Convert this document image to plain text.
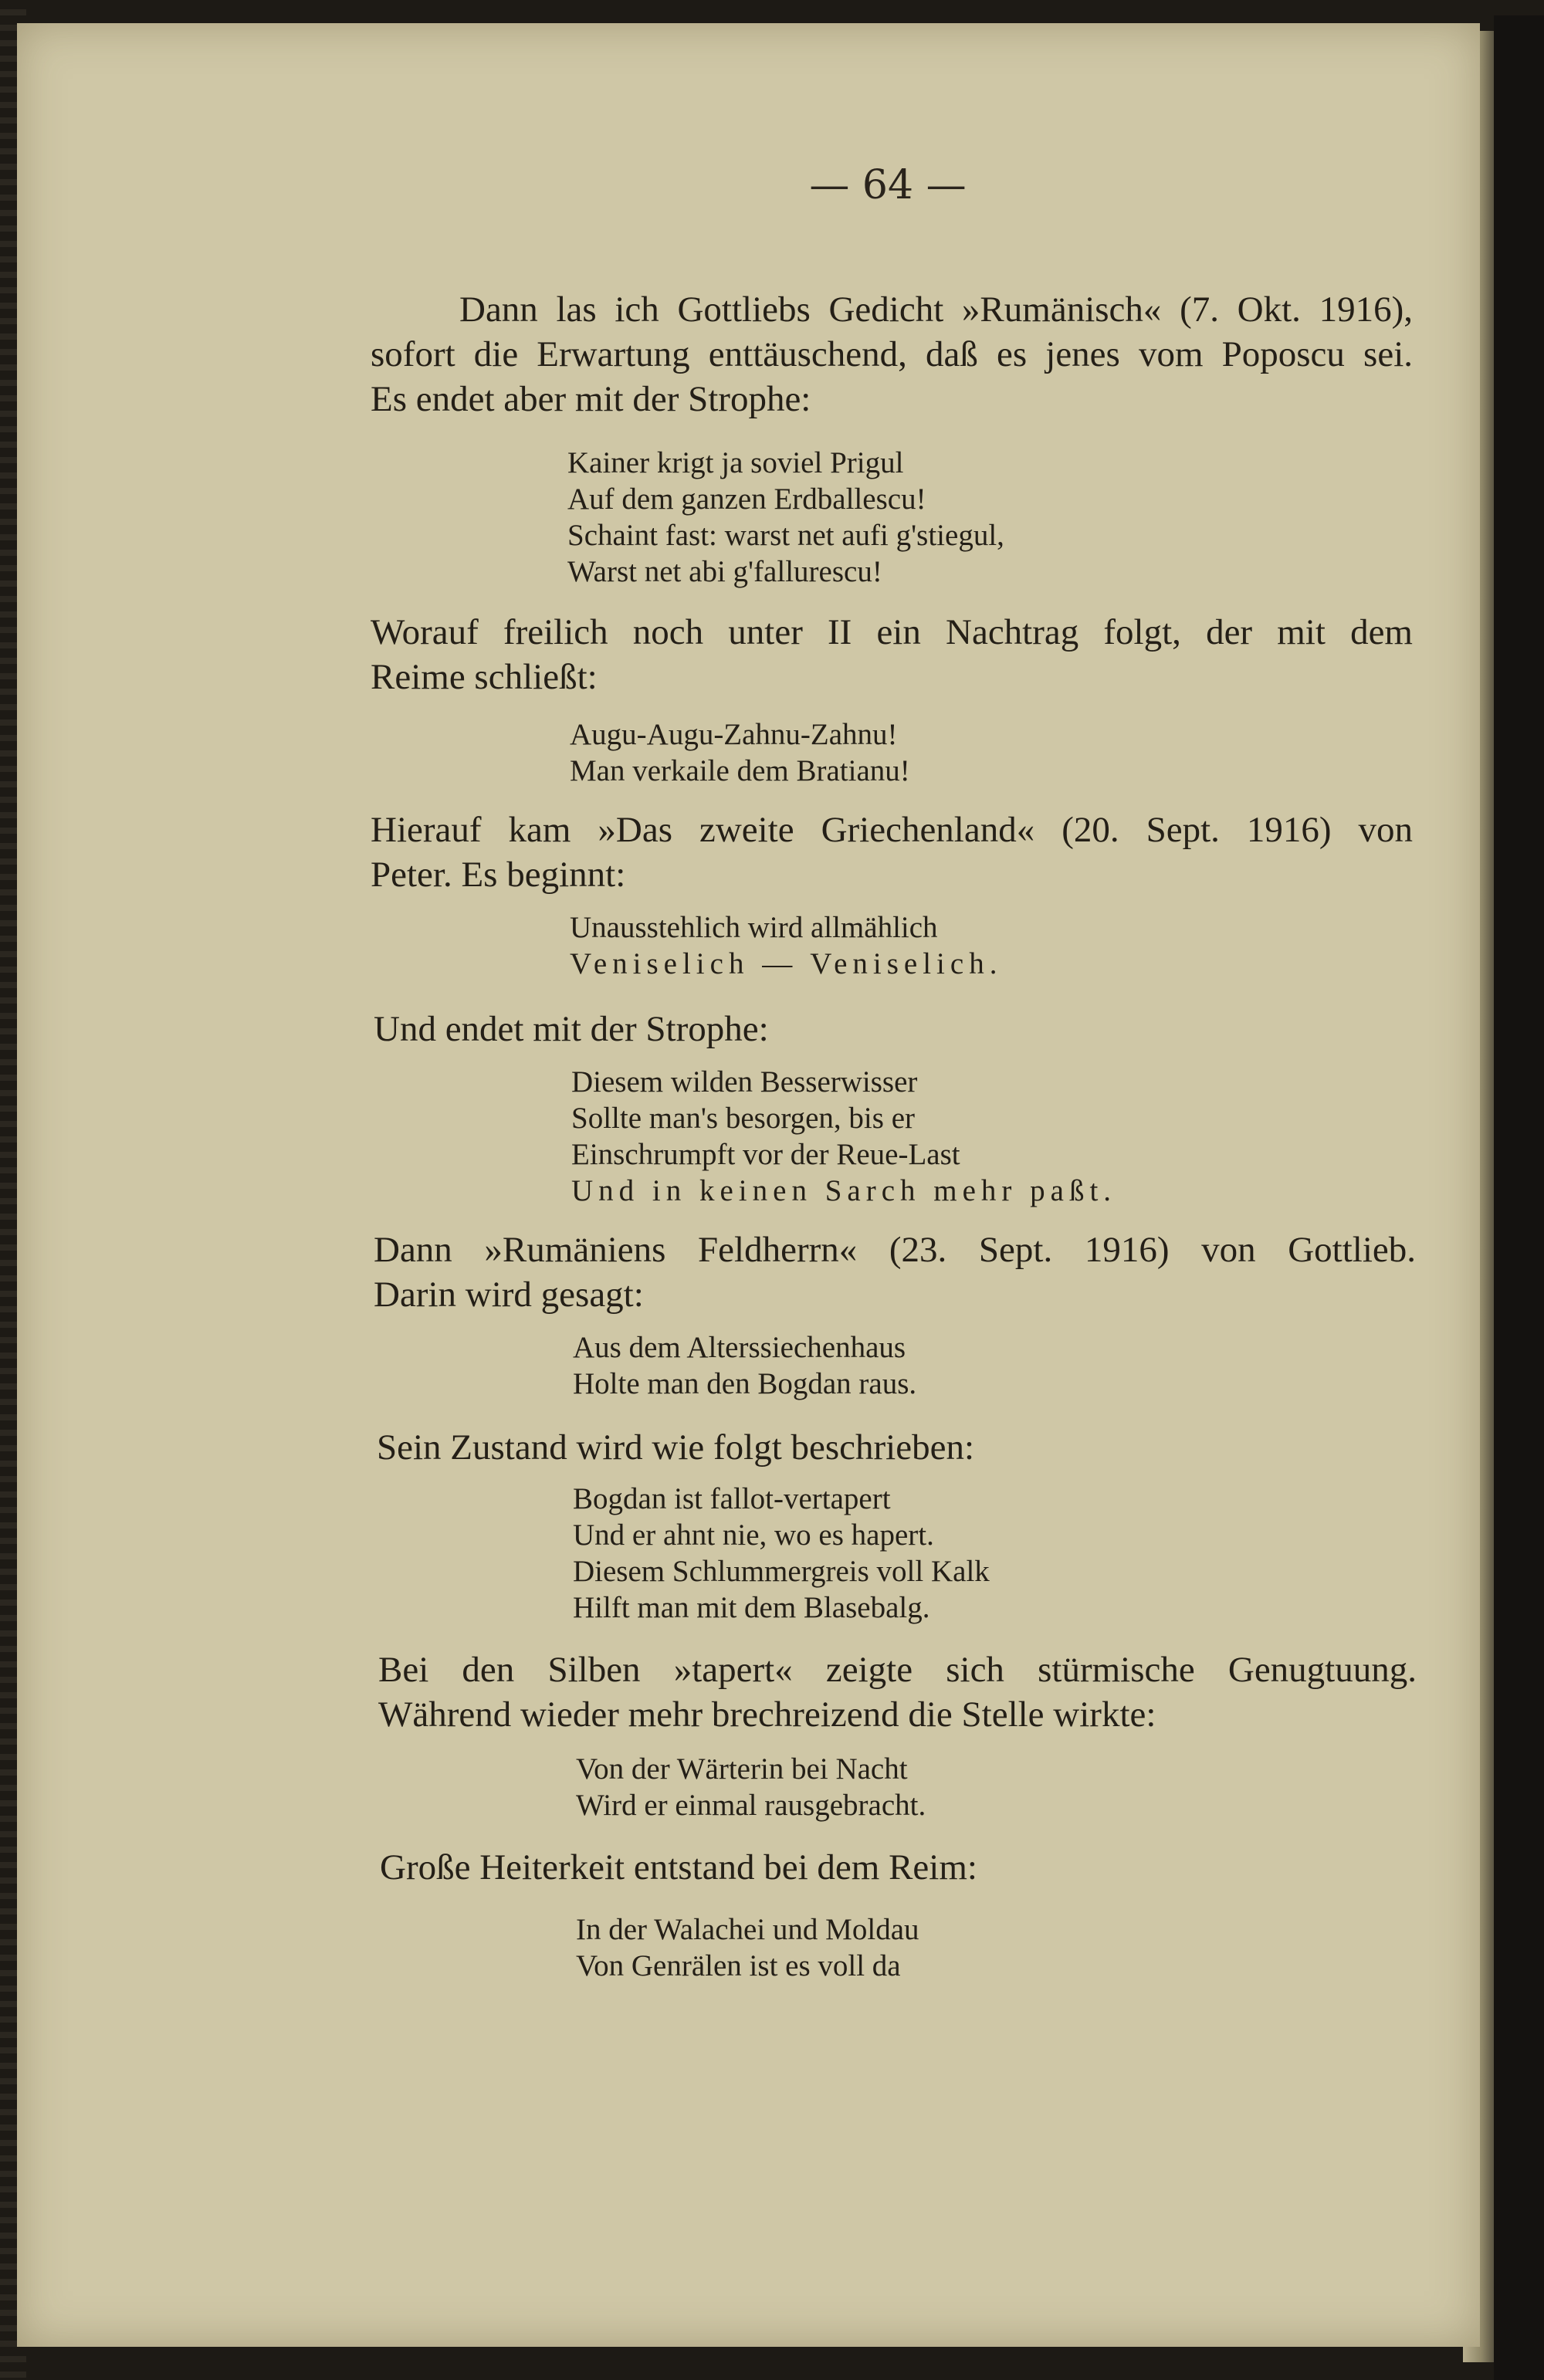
— 64 —
Dann las ich Gottliebs Gedicht »Rumänisch« (7. Okt. 1916),
sofort die Erwartung enttäuschend, daß es jenes vom Poposcu sei.
Es endet aber mit der Strophe:
Kainer krigt ja soviel Prigul
Auf dem ganzen Erdballescu!
Schaint fast: warst net aufi g'stiegul,
Warst net abi g'fallurescu!
Worauf freilich noch unter II ein Nachtrag folgt, der mit dem
Reime schließt:
Augu-Augu-Zahnu-Zahnu!
Man verkaile dem Bratianu!
Hierauf kam »Das zweite Griechenland« (20. Sept. 1916) von
Peter. Es beginnt:
Unausstehlich wird allmählich
Veniselich — Veniselich.
Und endet mit der Strophe:
Diesem wilden Besserwisser
Sollte man's besorgen, bis er
Einschrumpft vor der Reue-Last
Und in keinen Sarch mehr paßt.
Dann »Rumäniens Feldherrn« (23. Sept. 1916) von Gottlieb.
Darin wird gesagt:
Aus dem Alterssiechenhaus
Holte man den Bogdan raus.
Sein Zustand wird wie folgt beschrieben:
Bogdan ist fallot-vertapert
Und er ahnt nie, wo es hapert.
Diesem Schlummergreis voll Kalk
Hilft man mit dem Blasebalg.
Bei den Silben »tapert« zeigte sich stürmische Genugtuung.
Während wieder mehr brechreizend die Stelle wirkte:
Von der Wärterin bei Nacht
Wird er einmal rausgebracht.
Große Heiterkeit entstand bei dem Reim:
In der Walachei und Moldau
Von Genrälen ist es voll da
